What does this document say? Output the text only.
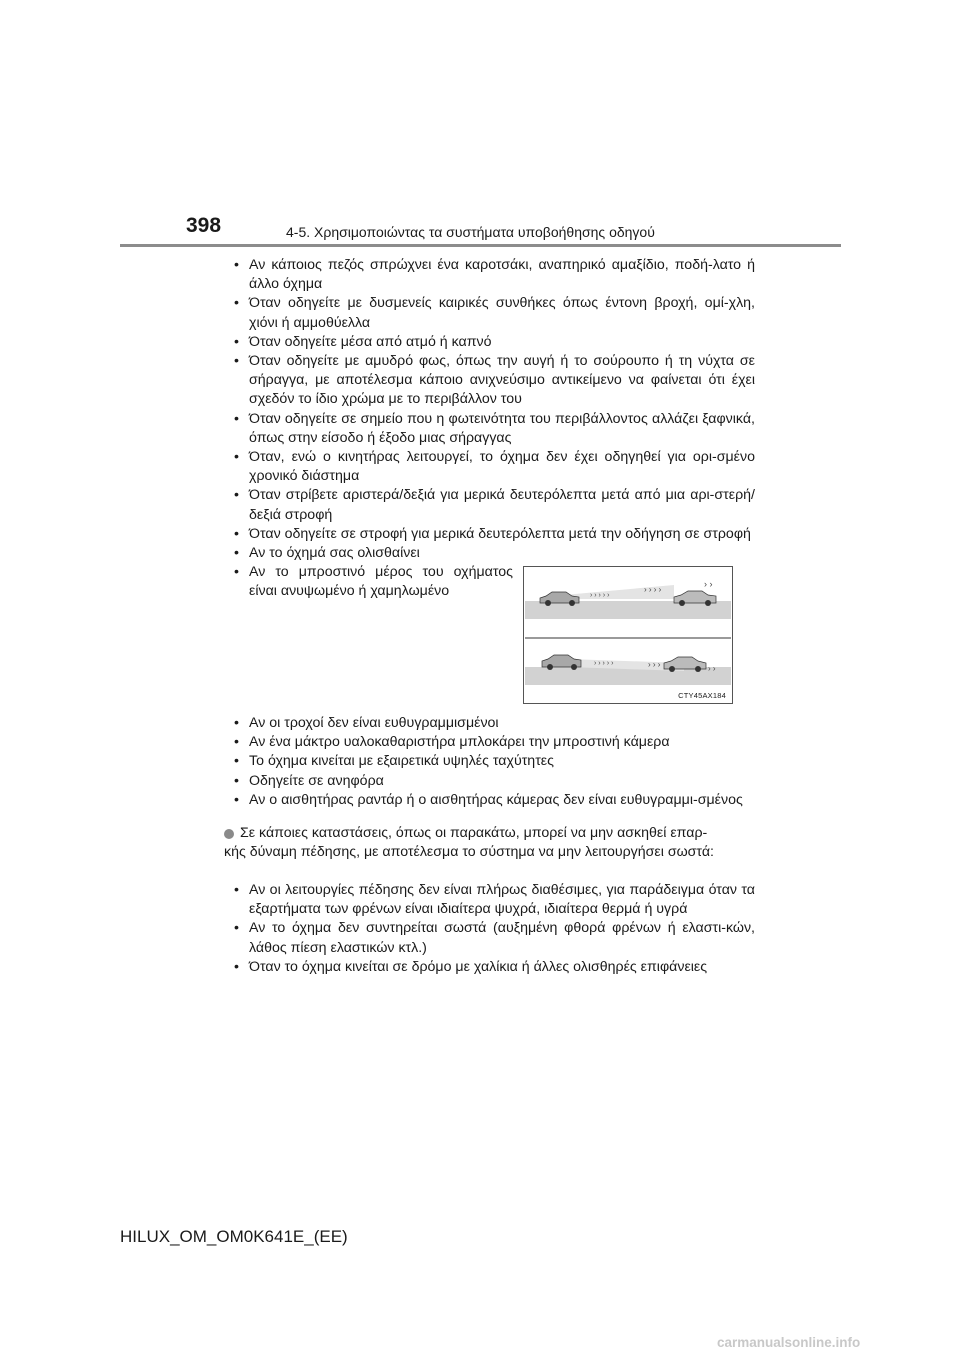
398	4-5. Χρησιμοποιώντας τα συστήματα υποβοήθησης οδηγού
• Αν κάποιος πεζός σπρώχνει ένα καροτσάκι, αναπηρικό αμαξίδιο, ποδή-λατο ή άλλο όχημα
• Όταν οδηγείτε με δυσμενείς καιρικές συνθήκες όπως έντονη βροχή, ομί-χλη, χιόνι ή αμμοθύελλα
• Όταν οδηγείτε μέσα από ατμό ή καπνό
• Όταν οδηγείτε με αμυδρό φως, όπως την αυγή ή το σούρουπο ή τη νύχτα σε σήραγγα, με αποτέλεσμα κάποιο ανιχνεύσιμο αντικείμενο να φαίνεται ότι έχει σχεδόν το ίδιο χρώμα με το περιβάλλον του
• Όταν οδηγείτε σε σημείο που η φωτεινότητα του περιβάλλοντος αλλάζει ξαφνικά, όπως στην είσοδο ή έξοδο μιας σήραγγας
• Όταν, ενώ ο κινητήρας λειτουργεί, το όχημα δεν έχει οδηγηθεί για ορι-σμένο χρονικό διάστημα
• Όταν στρίβετε αριστερά/δεξιά για μερικά δευτερόλεπτα μετά από μια αρι-στερή/δεξιά στροφή
• Όταν οδηγείτε σε στροφή για μερικά δευτερόλεπτα μετά την οδήγηση σε στροφή
• Αν το όχημά σας ολισθαίνει
• Αν το μπροστινό μέρος του οχήματος είναι ανυψωμένο ή χαμηλωμένο	› › › › ›
› › › ›
› ›
› › › › ›	› › ›	› ›
CTY45AX184
• Αν οι τροχοί δεν είναι ευθυγραμμισμένοι
• Αν ένα μάκτρο υαλοκαθαριστήρα μπλοκάρει την μπροστινή κάμερα
• Το όχημα κινείται με εξαιρετικά υψηλές ταχύτητες
• Οδηγείτε σε ανηφόρα
• Αν ο αισθητήρας ραντάρ ή ο αισθητήρας κάμερας δεν είναι ευθυγραμμι-σμένος
Σε κάποιες καταστάσεις, όπως οι παρακάτω, μπορεί να μην ασκηθεί επαρ-
κής δύναμη πέδησης, με αποτέλεσμα το σύστημα να μην λειτουργήσει σωστά:
• Αν οι λειτουργίες πέδησης δεν είναι πλήρως διαθέσιμες, για παράδειγμα όταν τα εξαρτήματα των φρένων είναι ιδιαίτερα ψυχρά, ιδιαίτερα θερμά ή υγρά
• Αν το όχημα δεν συντηρείται σωστά (αυξημένη φθορά φρένων ή ελαστι-κών, λάθος πίεση ελαστικών κτλ.)
• Όταν το όχημα κινείται σε δρόμο με χαλίκια ή άλλες ολισθηρές επιφάνειες
HILUX_OM_OM0K641E_(EE)
carmanualsonline.info
